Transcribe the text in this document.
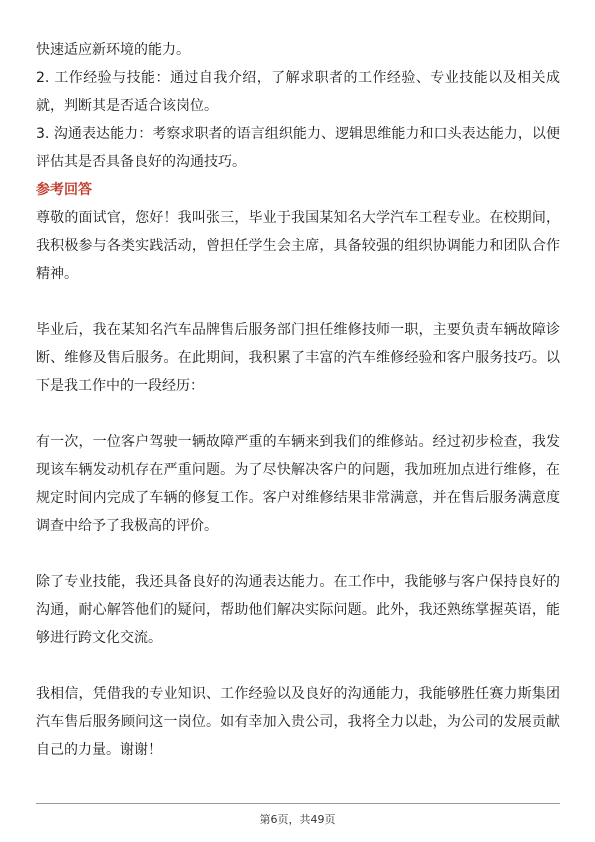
快速适应新环境的能力。

2. 工作经验与技能：通过自我介绍，了解求职者的工作经验、专业技能以及相关成就，判断其是否适合该岗位。

3. 沟通表达能力：考察求职者的语言组织能力、逻辑思维能力和口头表达能力，以便评估其是否具备良好的沟通技巧。

参考回答

尊敬的面试官，您好！我叫张三，毕业于我国某知名大学汽车工程专业。在校期间，我积极参与各类实践活动，曾担任学生会主席，具备较强的组织协调能力和团队合作精神。

毕业后，我在某知名汽车品牌售后服务部门担任维修技师一职，主要负责车辆故障诊断、维修及售后服务。在此期间，我积累了丰富的汽车维修经验和客户服务技巧。以下是我工作中的一段经历：

有一次，一位客户驾驶一辆故障严重的车辆来到我们的维修站。经过初步检查，我发现该车辆发动机存在严重问题。为了尽快解决客户的问题，我加班加点进行维修，在规定时间内完成了车辆的修复工作。客户对维修结果非常满意，并在售后服务满意度调查中给予了我极高的评价。

除了专业技能，我还具备良好的沟通表达能力。在工作中，我能够与客户保持良好的沟通，耐心解答他们的疑问，帮助他们解决实际问题。此外，我还熟练掌握英语，能够进行跨文化交流。

我相信，凭借我的专业知识、工作经验以及良好的沟通能力，我能够胜任赛力斯集团汽车售后服务顾问这一岗位。如有幸加入贵公司，我将全力以赴，为公司的发展贡献自己的力量。谢谢！

第6页，共49页
